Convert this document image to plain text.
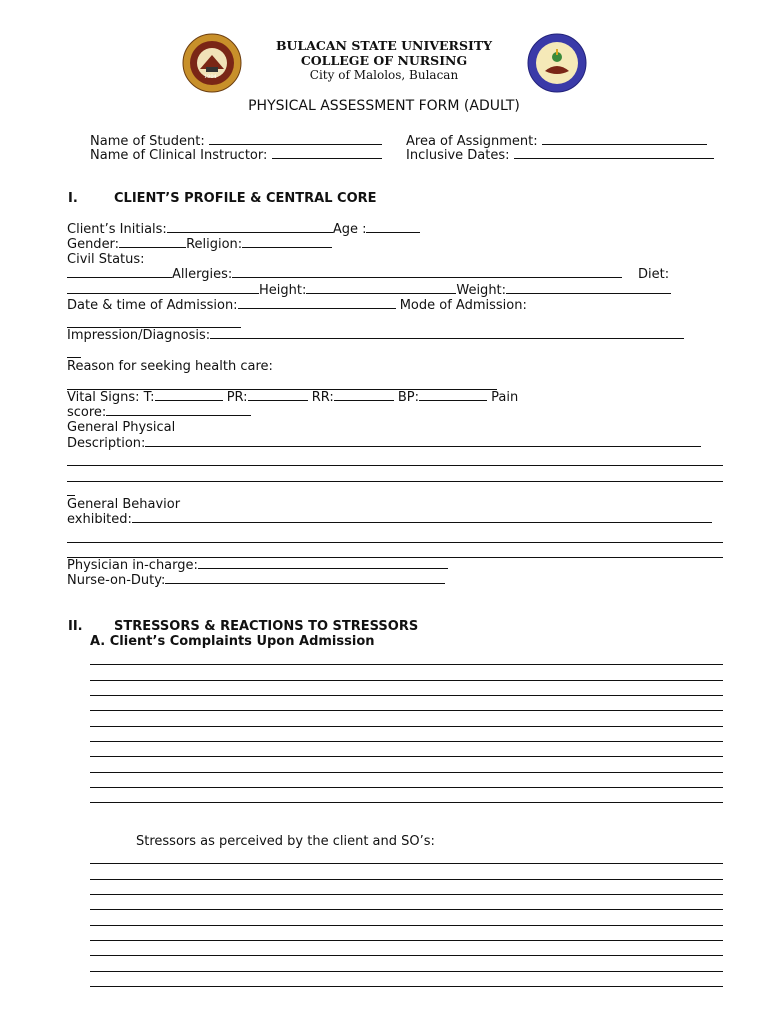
1904
BULACAN STATE UNIVERSITY
COLLEGE OF NURSING
City of Malolos, Bulacan
PHYSICAL ASSESSMENT FORM (ADULT)
Name of Student:	Area of Assignment:
Name of Clinical Instructor:	Inclusive Dates:
I.	CLIENT’S PROFILE & CENTRAL CORE
Client’s Initials:	Age :
Gender:	Religion:
Civil Status:
Allergies:	Diet:
Height:	Weight:
Date & time of Admission:	Mode of Admission:
Impression/Diagnosis:
Reason for seeking health care:
Vital Signs: T:	PR:	RR:	BP:	Pain
score:
General Physical
Description:
General Behavior
exhibited:
Physician in-charge:
Nurse-on-Duty:
II. STRESSORS & REACTIONS TO STRESSORS
A. Client’s Complaints Upon Admission
Stressors as perceived by the client and SO’s:
